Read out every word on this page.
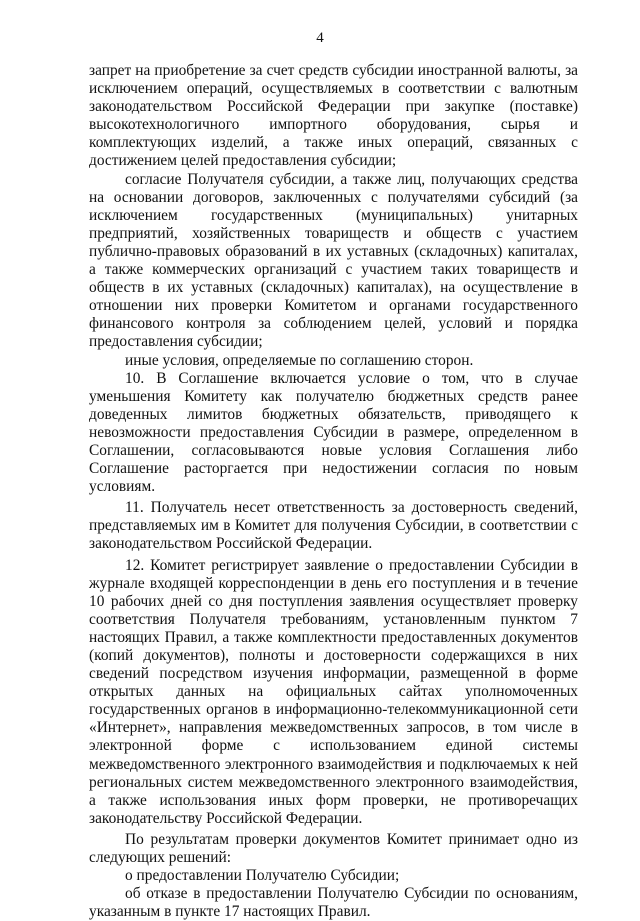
4

запрет на приобретение за счет средств субсидии иностранной валюты, за исключением операций, осуществляемых в соответствии с валютным законодательством Российской Федерации при закупке (поставке) высокотехнологичного импортного оборудования, сырья и комплектующих изделий, а также иных операций, связанных с достижением целей предоставления субсидии;

согласие Получателя субсидии, а также лиц, получающих средства на основании договоров, заключенных с получателями субсидий (за исключением государственных (муниципальных) унитарных предприятий, хозяйственных товариществ и обществ с участием публично-правовых образований в их уставных (складочных) капиталах, а также коммерческих организаций с участием таких товариществ и обществ в их уставных (складочных) капиталах), на осуществление в отношении них проверки Комитетом и органами государственного финансового контроля за соблюдением целей, условий и порядка предоставления субсидии;

иные условия, определяемые по соглашению сторон.

10. В Соглашение включается условие о том, что в случае уменьшения Комитету как получателю бюджетных средств ранее доведенных лимитов бюджетных обязательств, приводящего к невозможности предоставления Субсидии в размере, определенном в Соглашении, согласовываются новые условия Соглашения либо Соглашение расторгается при недостижении согласия по новым условиям.

11. Получатель несет ответственность за достоверность сведений, представляемых им в Комитет для получения Субсидии, в соответствии с законодательством Российской Федерации.

12. Комитет регистрирует заявление о предоставлении Субсидии в журнале входящей корреспонденции в день его поступления и в течение 10 рабочих дней со дня поступления заявления осуществляет проверку соответствия Получателя требованиям, установленным пунктом 7 настоящих Правил, а также комплектности предоставленных документов (копий документов), полноты и достоверности содержащихся в них сведений посредством изучения информации, размещенной в форме открытых данных на официальных сайтах уполномоченных государственных органов в информационно-телекоммуникационной сети «Интернет», направления межведомственных запросов, в том числе в электронной форме с использованием единой системы межведомственного электронного взаимодействия и подключаемых к ней региональных систем межведомственного электронного взаимодействия, а также использования иных форм проверки, не противоречащих законодательству Российской Федерации.

По результатам проверки документов Комитет принимает одно из следующих решений:

о предоставлении Получателю Субсидии;

об отказе в предоставлении Получателю Субсидии по основаниям, указанным в пункте 17 настоящих Правил.
